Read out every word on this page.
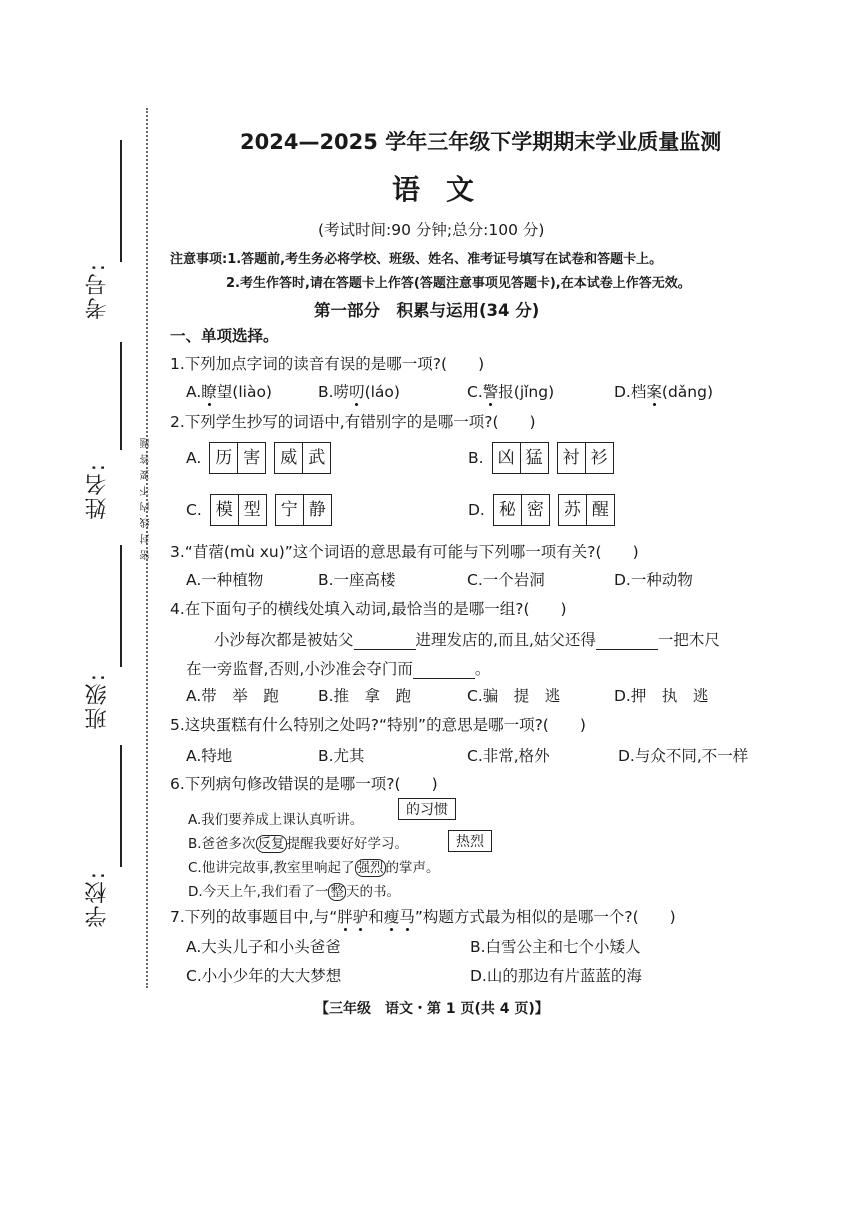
考号:
姓名:
班级:
学校:
密封线内不要答题
2024—2025 学年三年级下学期期末学业质量监测
语文
(考试时间:90 分钟;总分:100 分)
注意事项:1.答题前,考生务必将学校、班级、姓名、准考证号填写在试卷和答题卡上。
2.考生作答时,请在答题卡上作答(答题注意事项见答题卡),在本试卷上作答无效。
第一部分　积累与运用(34 分)
一、单项选择。
1.下列加点字词的读音有误的是哪一项?(　　)
A.瞭望(liào)	B.唠叨(láo)	C.警报(jǐng)	D.档案(dǎng)
2.下列学生抄写的词语中,有错别字的是哪一项?(　　)
A. 历 害 威 武	B. 凶 猛 衬 衫
C. 模 型 宁 静	D. 秘 密 苏 醒
3.“苜蓿(mù xu)”这个词语的意思最有可能与下列哪一项有关?(　　)
A.一种植物	B.一座高楼	C.一个岩洞	D.一种动物
4.在下面句子的横线处填入动词,最恰当的是哪一组?(　　)
小沙每次都是被姑父	进理发店的,而且,姑父还得	一把木尺
在一旁监督,否则,小沙准会夺门而	。
A.带　举　跑	B.推　拿　跑	C.骗　提　逃	D.押　执　逃
5.这块蛋糕有什么特别之处吗?“特别”的意思是哪一项?(　　)
A.特地	B.尤其	C.非常,格外	D.与众不同,不一样
6.下列病句修改错误的是哪一项?(　　)
A.我们要养成上课认真听讲。
的习惯
B.爸爸多次 反复 提醒我要好好学习。	热烈
C.他讲完故事,教室里响起了 强烈 的掌声。
D.今天上午,我们看了一 整 天的书。
7.下列的故事题目中,与“胖驴和瘦马”构题方式最为相似的是哪一个?(　　)
A.大头儿子和小头爸爸	B.白雪公主和七个小矮人
C.小小少年的大大梦想	D.山的那边有片蓝蓝的海
【三年级　语文・第 1 页(共 4 页)】
